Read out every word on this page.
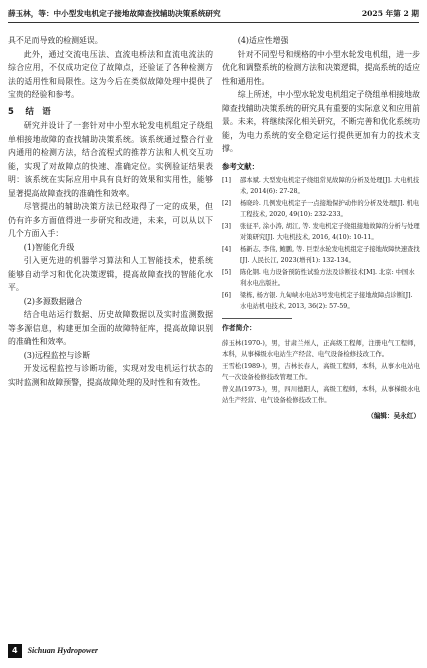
薛玉林，等：中小型发电机定子接地故障查找辅助决策系统研究	2025 年第 2 期

具不足而导致的检测延误。

此外，通过交流电压法、直流电桥法和直流电流法的综合应用，不仅成功定位了故障点，还验证了各种检测方法的适用性和局限性。这为今后在类似故障处理中提供了宝贵的经验和参考。

5 结　语

研究并设计了一套针对中小型水轮发电机组定子绕组单相接地故障的查找辅助决策系统。该系统通过整合行业内通用的检测方法，结合流程式的推荐方法和人机交互功能，实现了对故障点的快速、准确定位。实例验证结果表明：该系统在实际应用中具有良好的效果和实用性，能够显著提高故障查找的准确性和效率。

尽管提出的辅助决策方法已经取得了一定的成果，但仍有许多方面值得进一步研究和改进，未来，可以从以下几个方面入手：

(1)智能化升级

引入更先进的机器学习算法和人工智能技术，使系统能够自动学习和优化决策逻辑，提高故障查找的智能化水平。

(2)多源数据融合

结合电站运行数据、历史故障数据以及实时监测数据等多源信息，构建更加全面的故障特征库，提高故障识别的准确性和效率。

(3)远程监控与诊断

开发远程监控与诊断功能，实现对发电机运行状态的实时监测和故障预警，提高故障处理的及时性和有效性。

(4)适应性增强

针对不同型号和规格的中小型水轮发电机组，进一步优化和调整系统的检测方法和决策逻辑，提高系统的适应性和通用性。

综上所述，中小型水轮发电机组定子绕组单相接地故障查找辅助决策系统的研究具有重要的实际意义和应用前景。未来，将继续深化相关研究，不断完善和优化系统功能，为电力系统的安全稳定运行提供更加有力的技术支撑。

参考文献：
[1]	邵本斌. 大型发电机定子绕组常见故障的分析及处理[J]. 大电机技术, 2014(6): 27-28。
[2]	杨晓玲. 几例发电机定子一点接地保护动作的分析及处理[J]. 机电工程技术, 2020, 49(10): 232-233。
[3]	张征平, 涂小涛, 胡江, 等. 发电机定子绕组接地故障的分析与处理对策研究[J]. 大电机技术, 2016, 4(10): 10-11。
[4]	杨新志, 李伟, 鲍鹏, 等. 巨型水轮发电机组定子接地故障快速查找[J]. 人民长江, 2023(增刊1): 132-134。
[5]	陈化钢. 电力设备预防性试验方法及诊断技术[M]. 北京: 中国水利水电出版社。
[6]	梁栋, 杨方银. 九甸峡水电站3号发电机定子接地故障点诊断[J]. 水电站机电技术, 2013, 36(2): 57-59。
作者简介：

薛玉林(1970-)，男，甘肃兰州人，正高级工程师，注册电气工程师，本科，从事梯级水电站生产经营、电气设备检修技改工作。

王雪松(1989-)，男，吉林长春人，高级工程师，本科，从事水电站电气一次设备检修技改管理工作。

曾义昌(1973-)，男，四川德阳人，高级工程师，本科，从事梯级水电站生产经营、电气设备检修技改工作。

（编辑：吴永红）
4	Sichuan Hydropower
